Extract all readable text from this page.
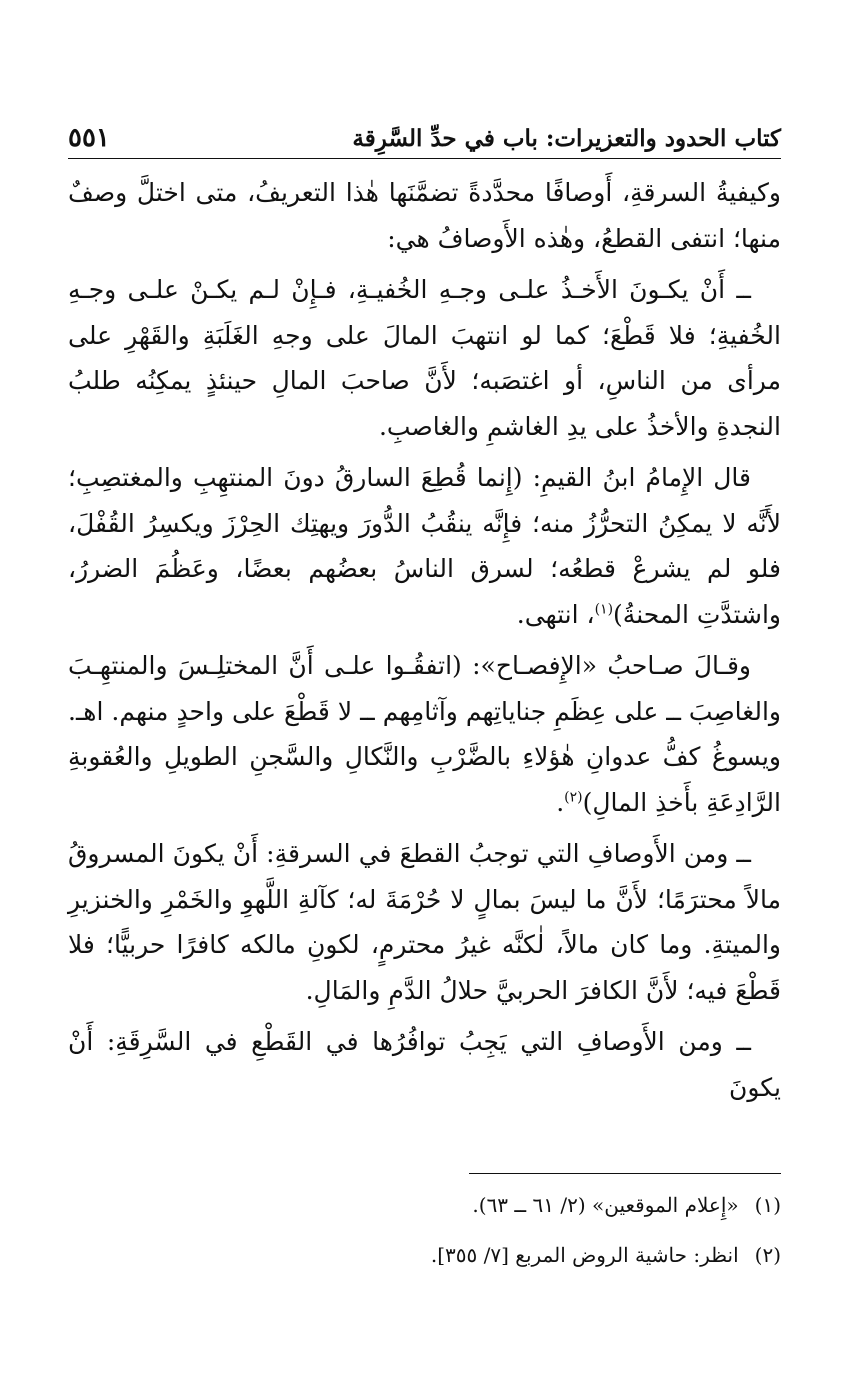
كتاب الحدود والتعزيرات: باب في حدِّ السَّرِقة
٥٥١

وكيفيةُ السرقةِ، أَوصافًا محدَّدةً تضمَّنَها هٰذا التعريفُ، متى اختلَّ وصفٌ منها؛ انتفى القطعُ، وهٰذه الأَوصافُ هي:

ــ أَنْ يكـونَ الأَخـذُ علـى وجـهِ الخُفيـةِ، فـإِنْ لـم يكـنْ علـى وجـهِ الخُفيةِ؛ فلا قَطْعَ؛ كما لو انتهبَ المالَ على وجهِ الغَلَبَةِ والقَهْرِ على مرأى من الناسِ، أو اغتصَبه؛ لأَنَّ صاحبَ المالِ حينئذٍ يمكِنُه طلبُ النجدةِ والأخذُ على يدِ الغاشمِ والغاصبِ.

قال الإِمامُ ابنُ القيمِ: (إِنما قُطِعَ السارقُ دونَ المنتهِبِ والمغتصِبِ؛ لأَنَّه لا يمكِنُ التحرُّزُ منه؛ فإِنَّه ينقُبُ الدُّورَ ويهتِك الحِرْزَ ويكسِرُ القُفْلَ، فلو لم يشرعْ قطعُه؛ لسرق الناسُ بعضُهم بعضًا، وعَظُمَ الضررُ، واشتدَّتِ المحنةُ)$^{(١)}$، انتهى.

وقـالَ صـاحبُ «الإِفصـاح»: (اتفقُـوا علـى أَنَّ المختلِـسَ والمنتهِـبَ والغاصِبَ ــ على عِظَمِ جناياتِهم وآثامِهم ــ لا قَطْعَ على واحدٍ منهم. اهـ. ويسوغُ كفُّ عدوانِ هٰؤلاءِ بالضَّرْبِ والنَّكالِ والسَّجنِ الطويلِ والعُقوبةِ الرَّادِعَةِ بأَخذِ المالِ)$^{(٢)}$.

ــ ومن الأَوصافِ التي توجبُ القطعَ في السرقةِ: أَنْ يكونَ المسروقُ مالاً محترَمًا؛ لأَنَّ ما ليسَ بمالٍ لا حُرْمَةَ له؛ كآلةِ اللَّهوِ والخَمْرِ والخنزيرِ والميتةِ. وما كان مالاً، لٰكنَّه غيرُ محترمٍ، لكونِ مالكه كافرًا حربيًّا؛ فلا قَطْعَ فيه؛ لأَنَّ الكافرَ الحربيَّ حلالُ الدَّمِ والمَالِ.

ــ ومن الأَوصافِ التي يَجِبُ توافُرُها في القَطْعِ في السَّرِقَةِ: أَنْ يكونَ

(١) «إِعلام الموقعين» (٢/ ٦١ ــ ٦٣).
(٢) انظر: حاشية الروض المربع [٧/ ٣٥٥].
